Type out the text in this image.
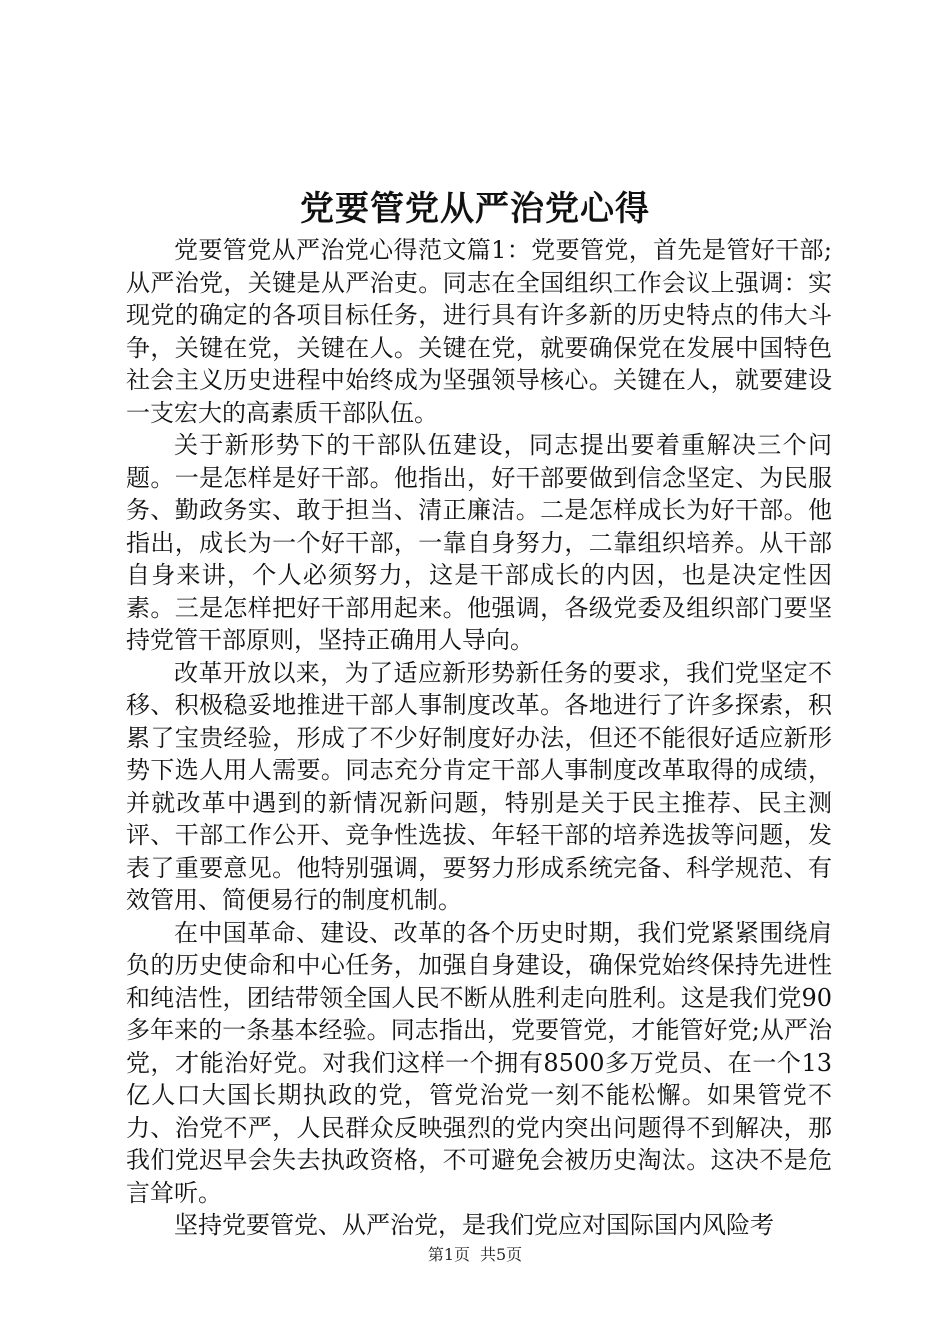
党要管党从严治党心得

党要管党从严治党心得范文篇1：党要管党，首先是管好干部;从严治党，关键是从严治吏。同志在全国组织工作会议上强调：实现党的确定的各项目标任务，进行具有许多新的历史特点的伟大斗争，关键在党，关键在人。关键在党，就要确保党在发展中国特色社会主义历史进程中始终成为坚强领导核心。关键在人，就要建设一支宏大的高素质干部队伍。

关于新形势下的干部队伍建设，同志提出要着重解决三个问题。一是怎样是好干部。他指出，好干部要做到信念坚定、为民服务、勤政务实、敢于担当、清正廉洁。二是怎样成长为好干部。他指出，成长为一个好干部，一靠自身努力，二靠组织培养。从干部自身来讲，个人必须努力，这是干部成长的内因，也是决定性因素。三是怎样把好干部用起来。他强调，各级党委及组织部门要坚持党管干部原则，坚持正确用人导向。

改革开放以来，为了适应新形势新任务的要求，我们党坚定不移、积极稳妥地推进干部人事制度改革。各地进行了许多探索，积累了宝贵经验，形成了不少好制度好办法，但还不能很好适应新形势下选人用人需要。同志充分肯定干部人事制度改革取得的成绩，并就改革中遇到的新情况新问题，特别是关于民主推荐、民主测评、干部工作公开、竞争性选拔、年轻干部的培养选拔等问题，发表了重要意见。他特别强调，要努力形成系统完备、科学规范、有效管用、简便易行的制度机制。

在中国革命、建设、改革的各个历史时期，我们党紧紧围绕肩负的历史使命和中心任务，加强自身建设，确保党始终保持先进性和纯洁性，团结带领全国人民不断从胜利走向胜利。这是我们党90多年来的一条基本经验。同志指出，党要管党，才能管好党;从严治党，才能治好党。对我们这样一个拥有8500多万党员、在一个13亿人口大国长期执政的党，管党治党一刻不能松懈。如果管党不力、治党不严，人民群众反映强烈的党内突出问题得不到解决，那我们党迟早会失去执政资格，不可避免会被历史淘汰。这决不是危言耸听。

坚持党要管党、从严治党，是我们党应对国际国内风险考

第1页 共5页
